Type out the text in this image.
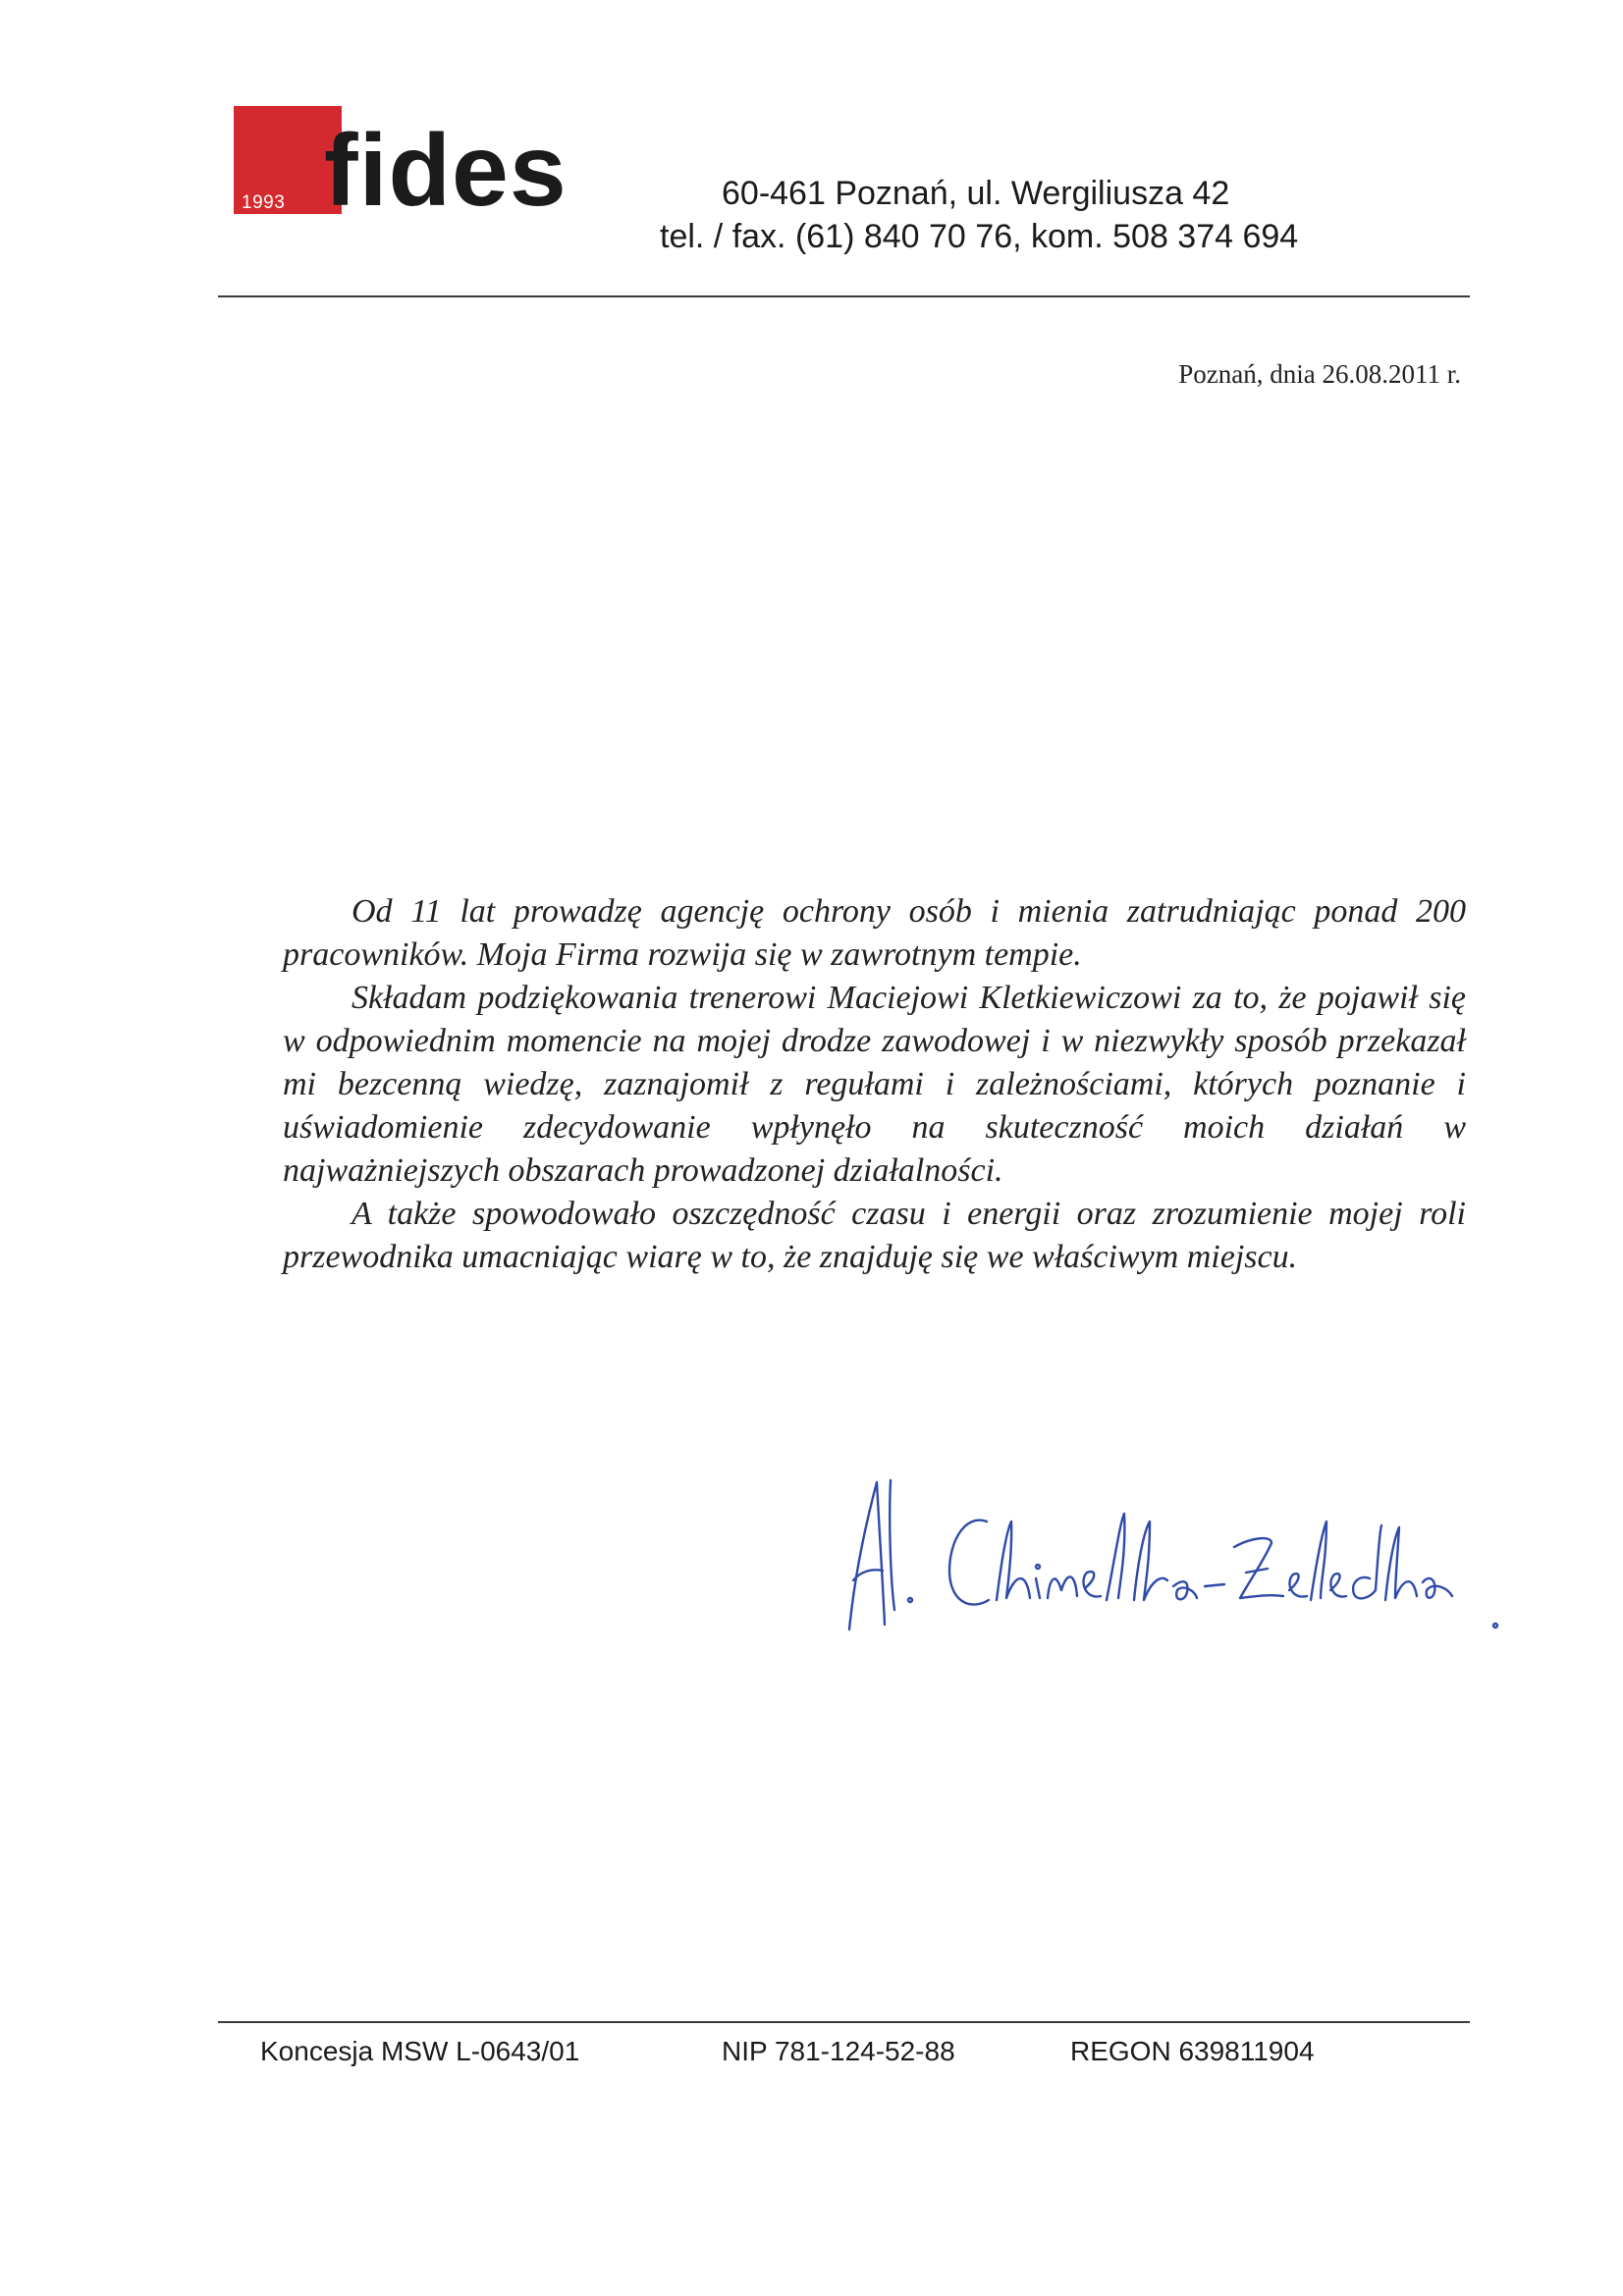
1993 fides	60-461 Poznań, ul. Wergiliusza 42
tel. / fax. (61) 840 70 76, kom. 508 374 694
Poznań, dnia 26.08.2011 r.

Od 11 lat prowadzę agencję ochrony osób i mienia zatrudniając ponad 200 pracowników. Moja Firma rozwija się w zawrotnym tempie.

Składam podziękowania trenerowi Maciejowi Kletkiewiczowi za to, że pojawił się w odpowiednim momencie na mojej drodze zawodowej i w niezwykły sposób przekazał mi bezcenną wiedzę, zaznajomił z regułami i zależnościami, których poznanie i uświadomienie zdecydowanie wpłynęło na skuteczność moich działań w najważniejszych obszarach prowadzonej działalności.

A także spowodowało oszczędność czasu i energii oraz zrozumienie mojej roli przewodnika umacniając wiarę w to, że znajduję się we właściwym miejscu.

Koncesja MSW L-0643/01	NIP 781-124-52-88	REGON 639811904
